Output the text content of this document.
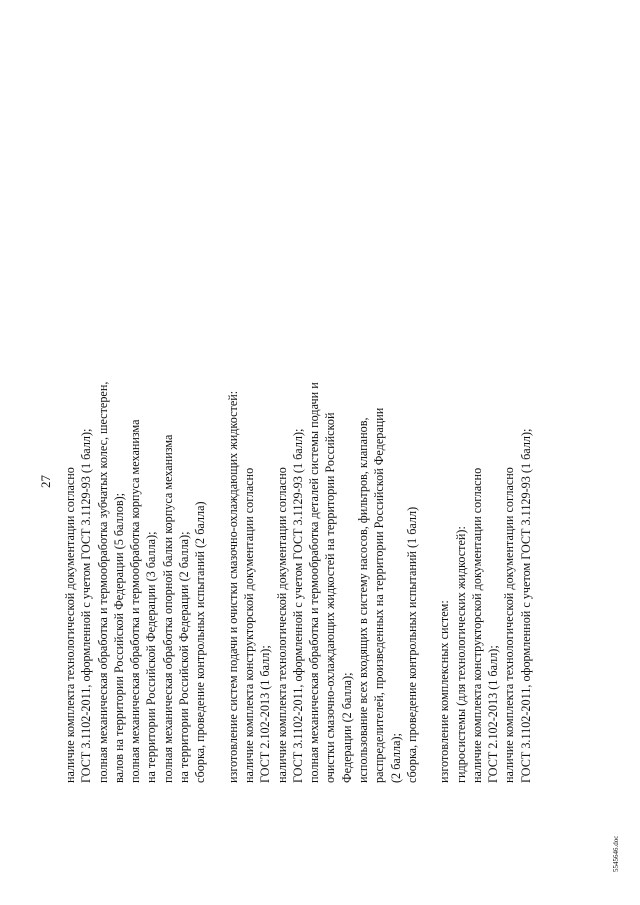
27 наличие комплекта технологической документации согласно ГОСТ 3.1102-2011, оформленной с учетом ГОСТ 3.1129-93 (1 балл); полная механическая обработка и термообработка зубчатых колес, шестерен, валов на территории Российской Федерации (5 баллов); полная механическая обработка и термообработка корпуса механизма на территории Российской Федерации (3 балла); полная механическая обработка опорной балки корпуса механизма на территории Российской Федерации (2 балла); сборка, проведение контрольных испытаний (2 балла) изготовление систем подачи и очистки смазочно-охлаждающих жидкостей: наличие комплекта конструкторской документации согласно ГОСТ 2.102-2013 (1 балл); наличие комплекта технологической документации согласно ГОСТ 3.1102-2011, оформленной с учетом ГОСТ 3.1129-93 (1 балл); полная механическая обработка и термообработка деталей системы подачи и очистки смазочно-охлаждающих жидкостей на территории Российской Федерации (2 балла); использование всех входящих в систему насосов, фильтров, клапанов, распределителей, произведенных на территории Российской Федерации (2 балла); сборка, проведение контрольных испытаний (1 балл) изготовление комплексных систем: гидросистемы (для технологических жидкостей): наличие комплекта конструкторской документации согласно ГОСТ 2.102-2013 (1 балл); наличие комплекта технологической документации согласно ГОСТ 3.1102-2011, оформленной с учетом ГОСТ 3.1129-93 (1 балл);
5545646.doc
